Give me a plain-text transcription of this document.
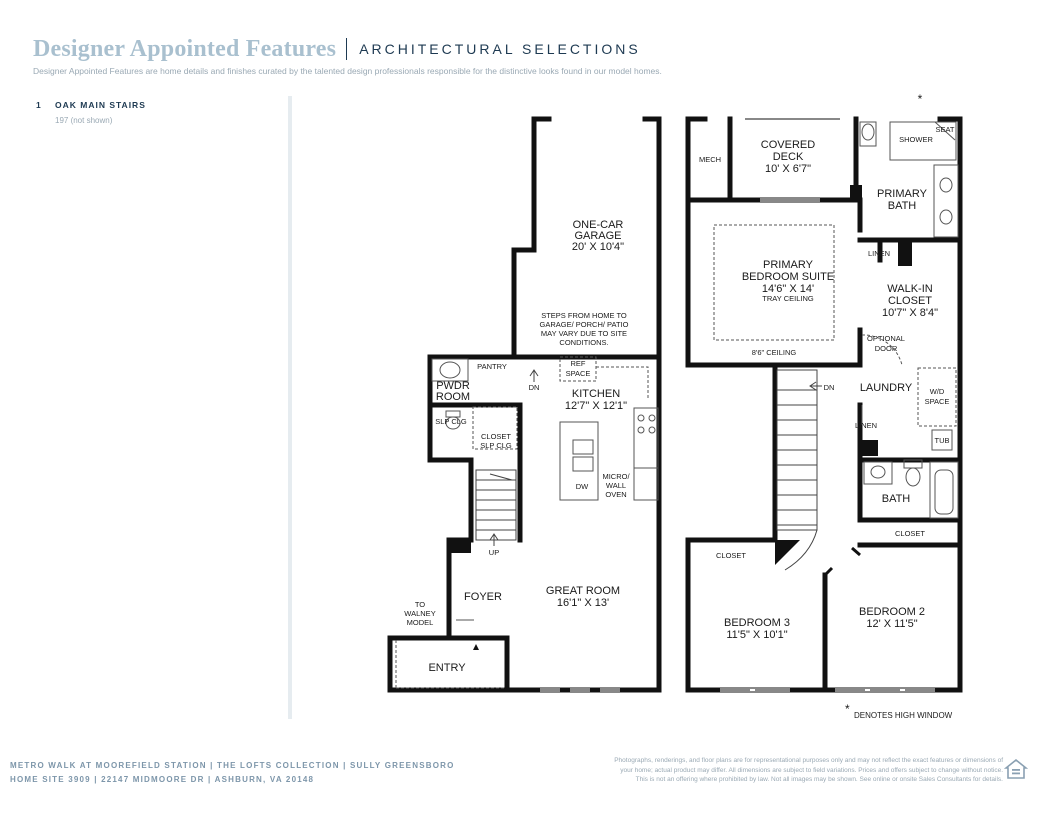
Designer Appointed Features ARCHITECTURAL SELECTIONS
Designer Appointed Features are home details and finishes curated by the talented design professionals responsible for the distinctive looks found in our model homes.
1	OAK MAIN STAIRS
197 (not shown)
ONE-CAR
GARAGE
20' X 10'4"
STEPS FROM HOME TO
GARAGE/ PORCH/ PATIO
MAY VARY DUE TO SITE
CONDITIONS.
PANTRY
DN
REF
SPACE
SLP CLG
CLOSET
SLP CLG
DW
MICRO/
WALL
OVEN
UP
TO
WALNEY
MODEL
KITCHEN
12'7" X 12'1"
PWDR
ROOM
FOYER	GREAT ROOM
16'1" X 13'
ENTRY
MECH
SEAT
SHOWER
LINEN
OPTIONAL
DOOR
8'6" CEILING
DN	W/D
SPACE
LINEN
TUB
CLOSET
CLOSET
TRAY CEILING
COVERED
DECK
10' X 6'7"
PRIMARY
BATH
PRIMARY
BEDROOM SUITE
14'6" X 14'	WALK-IN
CLOSET
10'7" X 8'4"
LAUNDRY
BATH
BEDROOM 3
11'5" X 10'1"
BEDROOM 2
12' X 11'5"
*
* DENOTES HIGH WINDOW
METRO WALK AT MOOREFIELD STATION | THE LOFTS COLLECTION | SULLY GREENSBORO
HOME SITE 3909 | 22147 MIDMOORE DR | ASHBURN, VA 20148
Photographs, renderings, and floor plans are for representational purposes only and may not reflect the exact features or dimensions of
your home; actual product may differ. All dimensions are subject to field variations. Prices and offers subject to change without notice.
This is not an offering where prohibited by law. Not all images may be shown. See online or onsite Sales Consultants for details.
